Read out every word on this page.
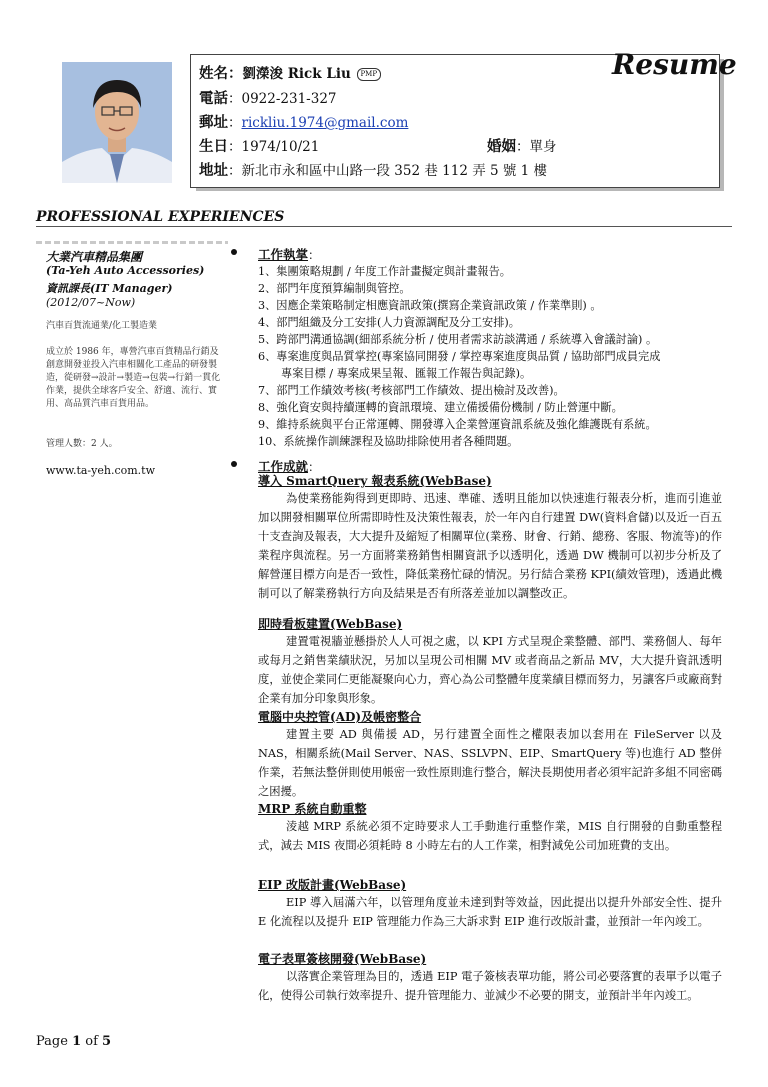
姓名：劉濚浚 Rick Liu PMP
電話：0922-231-327
郵址：rickliu.1974@gmail.com
生日：1974/10/21	婚姻：單身
地址：新北市永和區中山路一段 352 巷 112 弄 5 號 1 樓
Resume
PROFESSIONAL EXPERIENCES
大業汽車精品集團
(Ta-Yeh Auto Accessories)
資訊課長(IT Manager)
(2012/07~Now)
汽車百貨流通業/化工製造業
成立於 1986 年，專營汽車百貨精品行銷及創意開發並投入汽車相關化工產品的研發製造，從研發→設計→製造→包裝→行銷一貫化作業，提供全球客戶安全、舒適、流行、實用、高品質汽車百貨用品。
管理人數：2 人。
www.ta-yeh.com.tw
工作執掌：
1、集團策略規劃 / 年度工作計畫擬定與計畫報告。
2、部門年度預算編制與管控。
3、因應企業策略制定相應資訊政策(撰寫企業資訊政策 / 作業準則) 。
4、部門組織及分工安排(人力資源調配及分工安排)。
5、跨部門溝通協調(細部系統分析 / 使用者需求訪談溝通 / 系統導入會議討論) 。
6、專案進度與品質掌控(專案協同開發 / 掌控專案進度與品質 / 協助部門成員完成
專案目標 / 專案成果呈報、匯報工作報告與記錄)。
7、部門工作績效考核(考核部門工作績效、提出檢討及改善)。
8、強化資安與持續運轉的資訊環境、建立備援備份機制 / 防止營運中斷。
9、維持系統與平台正常運轉、開發導入企業營運資訊系統及強化維護既有系統。
10、系統操作訓練課程及協助排除使用者各種問題。
工作成就：
導入 SmartQuery 報表系統(WebBase)
為使業務能夠得到更即時、迅速、準確、透明且能加以快速進行報表分析，進而引進並加以開發相關單位所需即時性及決策性報表，於一年內自行建置 DW(資料倉儲)以及近一百五十支查詢及報表，大大提升及縮短了相關單位(業務、財會、行銷、總務、客服、物流等)的作業程序與流程。另一方面將業務銷售相關資訊予以透明化，透過 DW 機制可以初步分析及了解營運目標方向是否一致性，降低業務忙碌的情況。另行結合業務 KPI(績效管理)，透過此機制可以了解業務執行方向及結果是否有所落差並加以調整改正。
即時看板建置(WebBase)
建置電視牆並懸掛於人人可視之處，以 KPI 方式呈現企業整體、部門、業務個人、每年或每月之銷售業績狀況，另加以呈現公司相關 MV 或者商品之新品 MV，大大提升資訊透明度，並使企業同仁更能凝聚向心力，齊心為公司整體年度業績目標而努力，另讓客戶或廠商對企業有加分印象與形象。
電腦中央控管(AD)及帳密整合
建置主要 AD 與備援 AD，另行建置全面性之權限表加以套用在 FileServer 以及 NAS，相關系統(Mail Server、NAS、SSLVPN、EIP、SmartQuery 等)也進行 AD 整併作業，若無法整併則使用帳密一致性原則進行整合，解決長期使用者必須牢記許多組不同密碼之困擾。
MRP 系統自動重整
淩越 MRP 系統必須不定時要求人工手動進行重整作業，MIS 自行開發的自動重整程式，減去 MIS 夜間必須耗時 8 小時左右的人工作業，相對減免公司加班費的支出。
EIP 改版計畫(WebBase)
EIP 導入屆滿六年，以管理角度並未達到對等效益，因此提出以提升外部安全性、提升 E 化流程以及提升 EIP 管理能力作為三大訴求對 EIP 進行改版計畫，並預計一年內竣工。
電子表單簽核開發(WebBase)
以落實企業管理為目的，透過 EIP 電子簽核表單功能，將公司必要落實的表單予以電子化，使得公司執行效率提升、提升管理能力、並減少不必要的開支，並預計半年內竣工。
Page 1 of 5
